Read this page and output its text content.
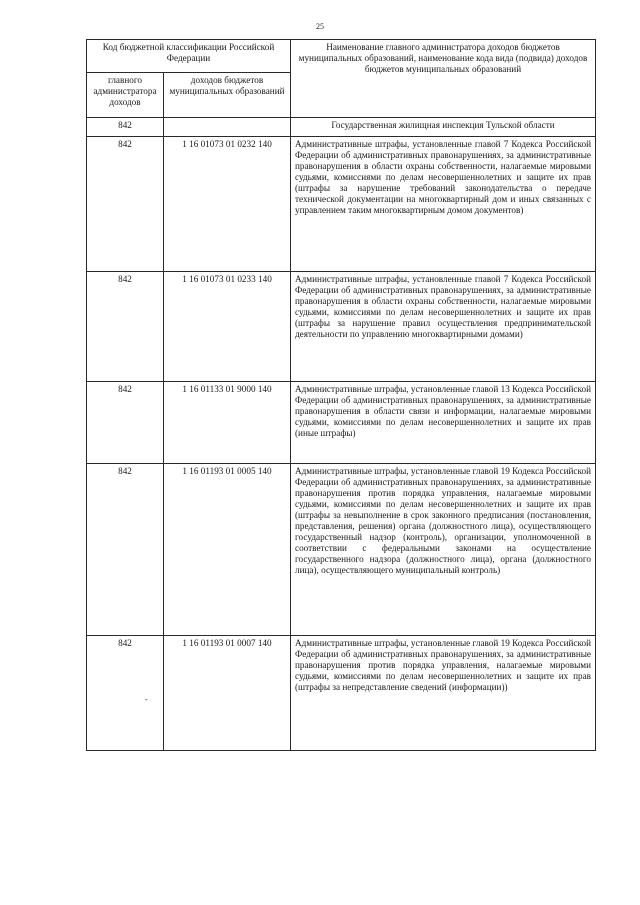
25
Код бюджетной классификации Российской Федерации		Наименование главного администратора доходов бюджетов муниципальных образований, наименование кода вида (подвида) доходов бюджетов муниципальных образований
главного администратора доходов	доходов бюджетов муниципальных образований	
842		Государственная жилищная инспекция Тульской области
842	1 16 01073 01 0232 140	Административные штрафы, установленные главой 7 Кодекса Российской Федерации об административных правонарушениях, за административные правонарушения в области охраны собственности, налагаемые мировыми судьями, комиссиями по делам несовершеннолетних и защите их прав (штрафы за нарушение требований законодательства о передаче технической документации на многоквартирный дом и иных связанных с управлением таким многоквартирным домом документов)
842	1 16 01073 01 0233 140	Административные штрафы, установленные главой 7 Кодекса Российской Федерации об административных правонарушениях, за административные правонарушения в области охраны собственности, налагаемые мировыми судьями, комиссиями по делам несовершеннолетних и защите их прав (штрафы за нарушение правил осуществления предпринимательской деятельности по управлению многоквартирными домами)
842	1 16 01133 01 9000 140	Административные штрафы, установленные главой 13 Кодекса Российской Федерации об административных правонарушениях, за административные правонарушения в области связи и информации, налагаемые мировыми судьями, комиссиями по делам несовершеннолетних и защите их прав (иные штрафы)
842	1 16 01193 01 0005 140	Административные штрафы, установленные главой 19 Кодекса Российской Федерации об административных правонарушениях, за административные правонарушения против порядка управления, налагаемые мировыми судьями, комиссиями по делам несовершеннолетних и защите их прав (штрафы за невыполнение в срок законного предписания (постановления, представления, решения) органа (должностного лица), осуществляющего государственный надзор (контроль), организации, уполномоченной в соответствии с федеральными законами на осуществление государственного надзора (должностного лица), органа (должностного лица), осуществляющего муниципальный контроль)
842	1 16 01193 01 0007 140	Административные штрафы, установленные главой 19 Кодекса Российской Федерации об административных правонарушениях, за административные правонарушения против порядка управления, налагаемые мировыми судьями, комиссиями по делам несовершеннолетних и защите их прав (штрафы за непредставление сведений (информации))
-
